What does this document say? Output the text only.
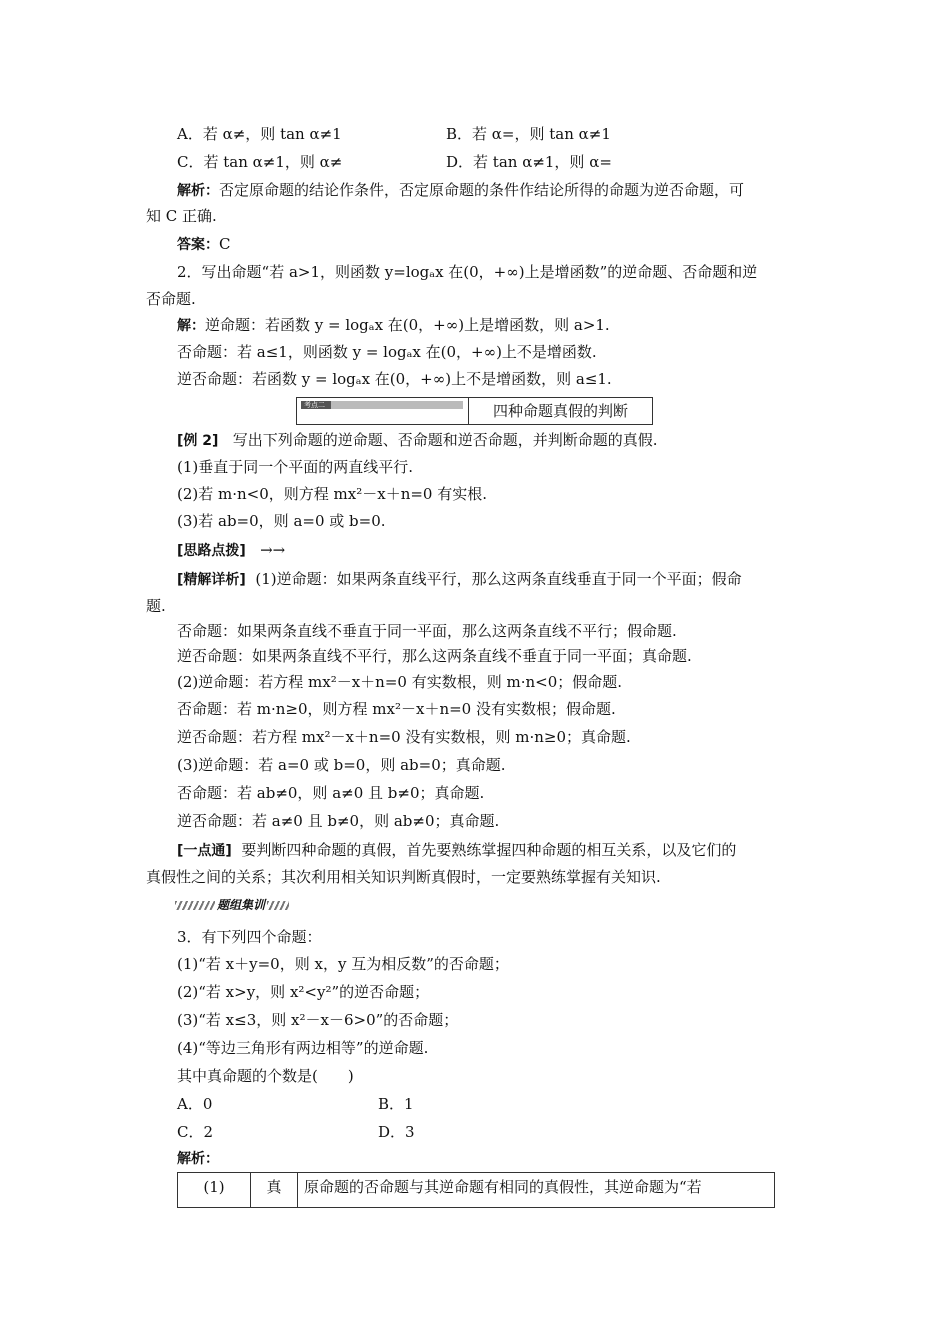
A．若 α≠，则 tan α≠1	B．若 α=，则 tan α≠1
C．若 tan α≠1，则 α≠	D．若 tan α≠1，则 α=
解析：否定原命题的结论作条件，否定原命题的条件作结论所得的命题为逆否命题，可
知 C 正确.
答案：C
2．写出命题“若 a>1，则函数 y=logₐx 在(0，+∞)上是增函数”的逆命题、否命题和逆
否命题.
解：逆命题：若函数 y = logₐx 在(0，+∞)上是增函数，则 a>1.
否命题：若 a≤1，则函数 y = logₐx 在(0，+∞)上不是增函数.
逆否命题：若函数 y = logₐx 在(0，+∞)上不是增函数，则 a≤1.
考点二	四种命题真假的判断
[例 2] 写出下列命题的逆命题、否命题和逆否命题，并判断命题的真假.
(1)垂直于同一个平面的两直线平行.
(2)若 m·n<0，则方程 mx²－x＋n=0 有实根.
(3)若 ab=0，则 a=0 或 b=0.
[思路点拨] →→
[精解详析] (1)逆命题：如果两条直线平行，那么这两条直线垂直于同一个平面；假命
题.
否命题：如果两条直线不垂直于同一平面，那么这两条直线不平行；假命题.
逆否命题：如果两条直线不平行，那么这两条直线不垂直于同一平面；真命题.
(2)逆命题：若方程 mx²－x＋n=0 有实数根，则 m·n<0；假命题.
否命题：若 m·n≥0，则方程 mx²－x＋n=0 没有实数根；假命题.
逆否命题：若方程 mx²－x＋n=0 没有实数根，则 m·n≥0；真命题.
(3)逆命题：若 a=0 或 b=0，则 ab=0；真命题.
否命题：若 ab≠0，则 a≠0 且 b≠0；真命题.
逆否命题：若 a≠0 且 b≠0，则 ab≠0；真命题.
[一点通] 要判断四种命题的真假，首先要熟练掌握四种命题的相互关系，以及它们的
真假性之间的关系；其次利用相关知识判断真假时，一定要熟练掌握有关知识.
题组集训
3．有下列四个命题：
(1)“若 x＋y=0，则 x，y 互为相反数”的否命题；
(2)“若 x>y，则 x²<y²”的逆否命题；
(3)“若 x≤3，则 x²－x－6>0”的否命题；
(4)“等边三角形有两边相等”的逆命题.
其中真命题的个数是(　　)
A．0	B．1
C．2	D．3
解析：
(1)	真	原命题的否命题与其逆命题有相同的真假性，其逆命题为“若
